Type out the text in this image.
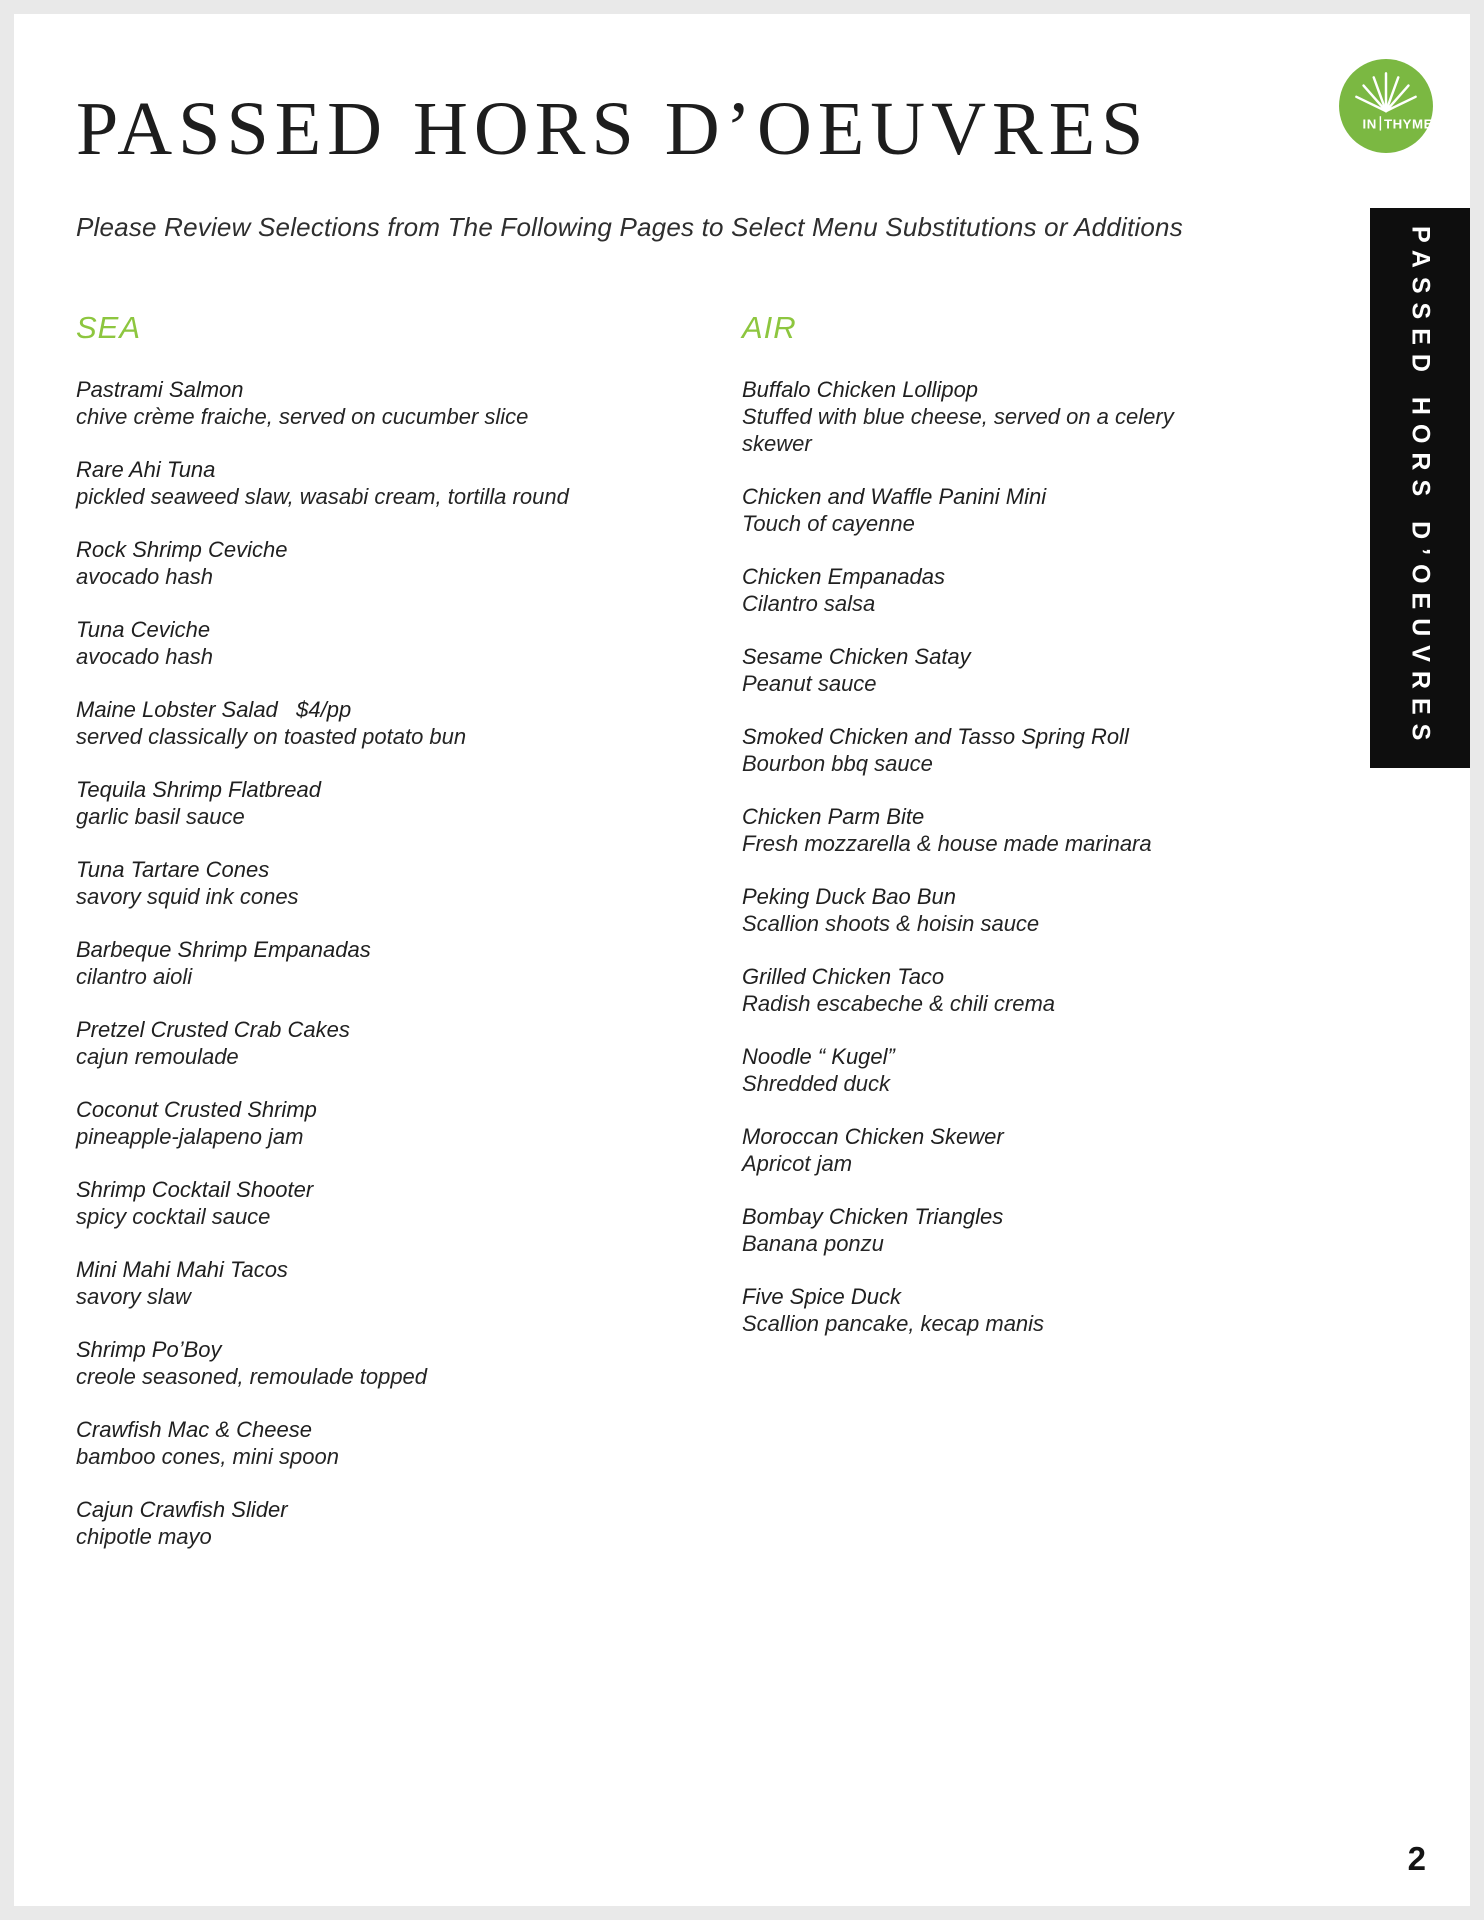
IN THYME
PASSED HORS D’OEUVRES

Please Review Selections from The Following Pages to Select Menu Substitutions or Additions

SEA
Pastrami Salmon
chive crème fraiche, served on cucumber slice
Rare Ahi Tuna
pickled seaweed slaw, wasabi cream, tortilla round
Rock Shrimp Ceviche
avocado hash
Tuna Ceviche
avocado hash
Maine Lobster Salad   $4/pp
served classically on toasted potato bun
Tequila Shrimp Flatbread
garlic basil sauce
Tuna Tartare Cones
savory squid ink cones
Barbeque Shrimp Empanadas
cilantro aioli
Pretzel Crusted Crab Cakes
cajun remoulade
Coconut Crusted Shrimp
pineapple-jalapeno jam
Shrimp Cocktail Shooter
spicy cocktail sauce
Mini Mahi Mahi Tacos
savory slaw
Shrimp Po’Boy
creole seasoned, remoulade topped
Crawfish Mac & Cheese
bamboo cones, mini spoon
Cajun Crawfish Slider
chipotle mayo
AIR
Buffalo Chicken Lollipop
Stuffed with blue cheese, served on a celery skewer
Chicken and Waffle Panini Mini
Touch of cayenne
Chicken Empanadas
Cilantro salsa
Sesame Chicken Satay
Peanut sauce
Smoked Chicken and Tasso Spring Roll
Bourbon bbq sauce
Chicken Parm Bite
Fresh mozzarella & house made marinara
Peking Duck Bao Bun
Scallion shoots & hoisin sauce
Grilled Chicken Taco
Radish escabeche & chili crema
Noodle “ Kugel”
Shredded duck
Moroccan Chicken Skewer
Apricot jam
Bombay Chicken Triangles
Banana ponzu
Five Spice Duck
Scallion pancake, kecap manis
PASSED HORS D’OEUVRES
2
